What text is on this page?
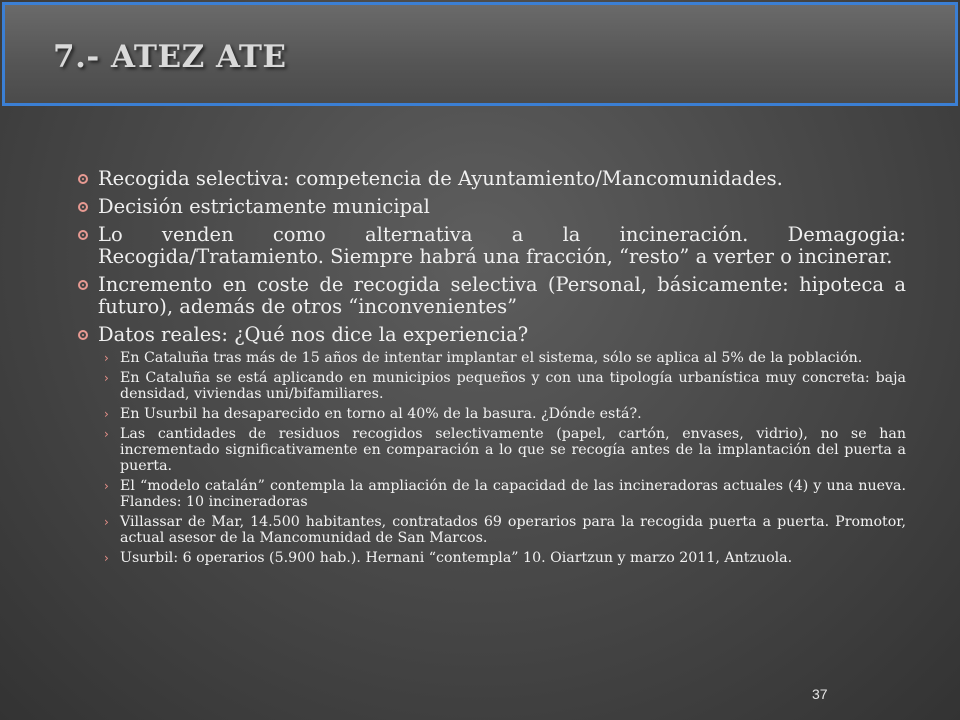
7.- ATEZ ATE
Recogida selectiva: competencia de Ayuntamiento/Mancomunidades.
Decisión estrictamente municipal
Lo venden como alternativa a la incineración. Demagogia: Recogida/Tratamiento. Siempre habrá una fracción, “resto” a verter o incinerar.
Incremento en coste de recogida selectiva (Personal, básicamente: hipoteca a futuro), además de otros “inconvenientes”
Datos reales: ¿Qué nos dice la experiencia?
› En Cataluña tras más de 15 años de intentar implantar el sistema, sólo se aplica al 5% de la población.
› En Cataluña se está aplicando en municipios pequeños y con una tipología urbanística muy concreta: baja densidad, viviendas uni/bifamiliares.
› En Usurbil ha desaparecido en torno al 40% de la basura. ¿Dónde está?.
› Las cantidades de residuos recogidos selectivamente (papel, cartón, envases, vidrio), no se han incrementado significativamente en comparación a lo que se recogía antes de la implantación del puerta a puerta.
› El “modelo catalán” contempla la ampliación de la capacidad de las incineradoras actuales (4) y una nueva. Flandes: 10 incineradoras
› Villassar de Mar, 14.500 habitantes, contratados 69 operarios para la recogida puerta a puerta. Promotor, actual asesor de la Mancomunidad de San Marcos.
› Usurbil: 6 operarios (5.900 hab.). Hernani “contempla” 10. Oiartzun y marzo 2011, Antzuola.
37
